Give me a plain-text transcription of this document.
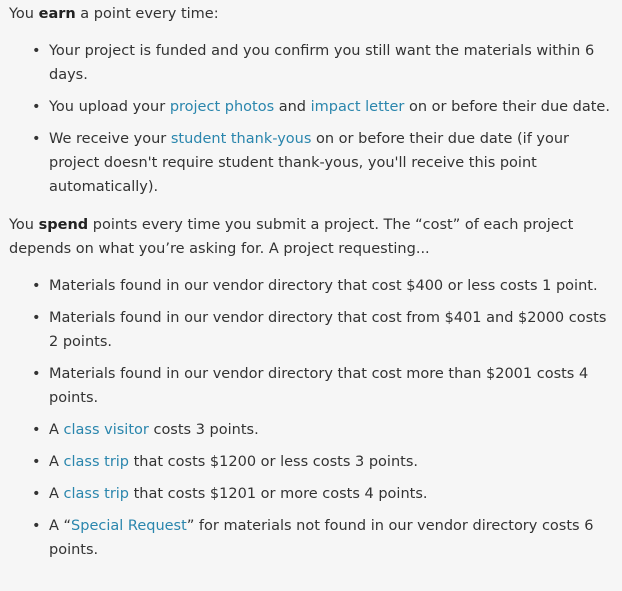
You earn a point every time:

• Your project is funded and you confirm you still want the materials within 6 days.
• You upload your project photos and impact letter on or before their due date.
• We receive your student thank-yous on or before their due date (if your project doesn't require student thank-yous, you'll receive this point automatically).

You spend points every time you submit a project. The “cost” of each project depends on what you’re asking for. A project requesting...

• Materials found in our vendor directory that cost $400 or less costs 1 point.
• Materials found in our vendor directory that cost from $401 and $2000 costs 2 points.
• Materials found in our vendor directory that cost more than $2001 costs 4 points.
• A class visitor costs 3 points.
• A class trip that costs $1200 or less costs 3 points.
• A class trip that costs $1201 or more costs 4 points.
• A “Special Request” for materials not found in our vendor directory costs 6 points.
